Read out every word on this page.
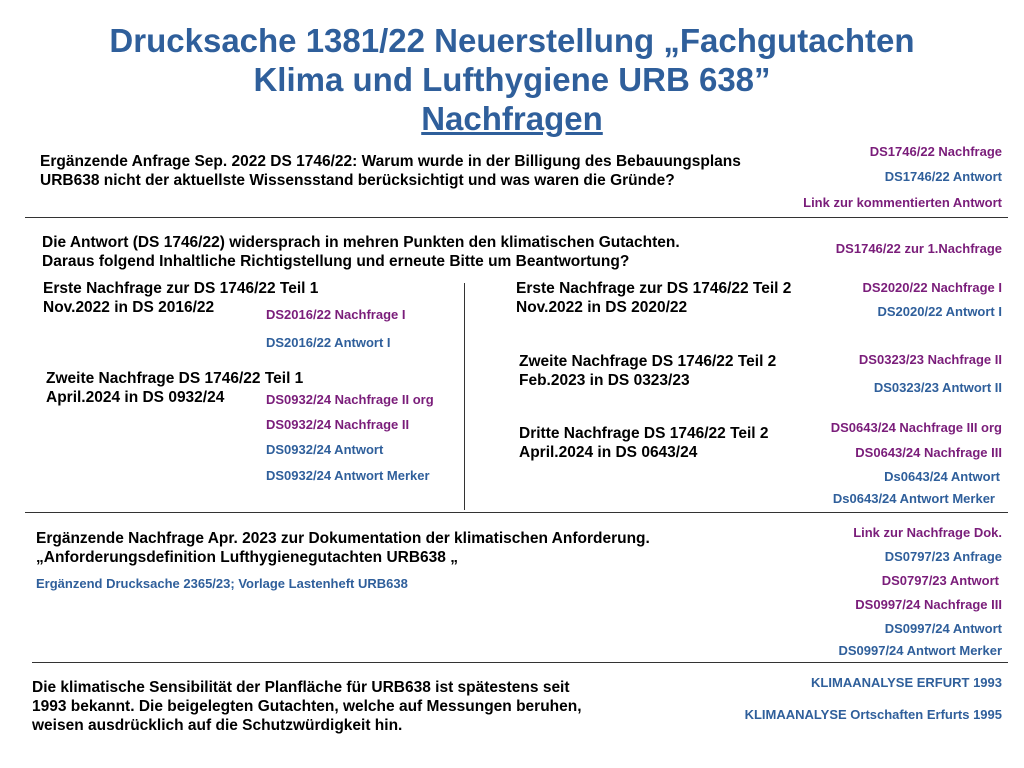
Drucksache 1381/22 Neuerstellung „Fachgutachten
Klima und Lufthygiene URB 638”
Nachfragen
Ergänzende Anfrage Sep. 2022 DS 1746/22: Warum wurde in der Billigung des Bebauungsplans
URB638 nicht der aktuellste Wissensstand berücksichtigt und was waren die Gründe?
DS1746/22 Nachfrage
DS1746/22 Antwort
Link zur kommentierten Antwort
Die Antwort (DS 1746/22) widersprach in mehren Punkten den klimatischen Gutachten.
Daraus folgend Inhaltliche Richtigstellung und erneute Bitte um Beantwortung?
DS1746/22 zur 1.Nachfrage
Erste Nachfrage zur DS 1746/22 Teil 1
Nov.2022 in DS 2016/22	DS2016/22 Nachfrage I
DS2016/22 Antwort I
Zweite Nachfrage DS 1746/22 Teil 1
April.2024 in DS 0932/24	DS0932/24 Nachfrage II org
DS0932/24 Nachfrage II
DS0932/24 Antwort
DS0932/24 Antwort Merker
Erste Nachfrage zur DS 1746/22 Teil 2
Nov.2022 in DS 2020/22
DS2020/22 Nachfrage I
DS2020/22 Antwort I
Zweite Nachfrage DS 1746/22 Teil 2
Feb.2023 in DS 0323/23
DS0323/23 Nachfrage II
DS0323/23 Antwort II
Dritte Nachfrage DS 1746/22 Teil 2
April.2024 in DS 0643/24
DS0643/24 Nachfrage III org
DS0643/24 Nachfrage III
Ds0643/24 Antwort
Ds0643/24 Antwort Merker
Ergänzende Nachfrage Apr. 2023 zur Dokumentation der klimatischen Anforderung.
„Anforderungsdefinition Lufthygienegutachten URB638 „
Ergänzend Drucksache 2365/23; Vorlage Lastenheft URB638
Link zur Nachfrage Dok.
DS0797/23 Anfrage
DS0797/23 Antwort
DS0997/24 Nachfrage III
DS0997/24 Antwort
DS0997/24 Antwort Merker
Die klimatische Sensibilität der Planfläche für URB638 ist spätestens seit
1993 bekannt. Die beigelegten Gutachten, welche auf Messungen beruhen,
weisen ausdrücklich auf die Schutzwürdigkeit hin.
KLIMAANALYSE ERFURT 1993
KLIMAANALYSE Ortschaften Erfurts 1995
